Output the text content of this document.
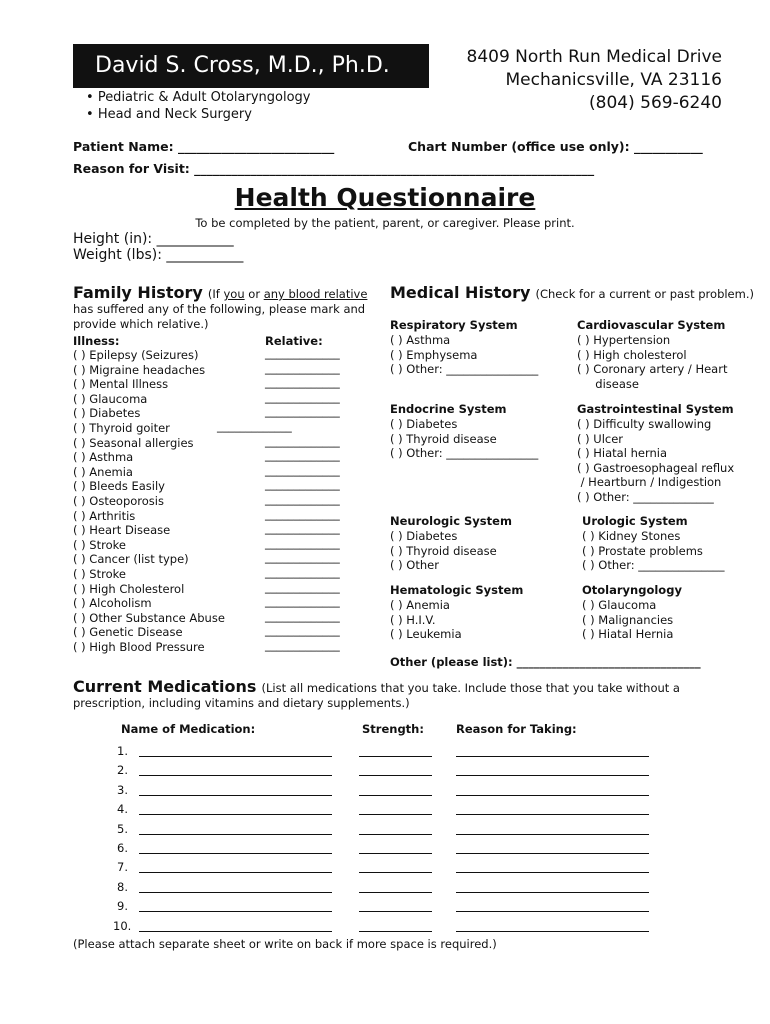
David S. Cross, M.D., Ph.D.
• Pediatric & Adult Otolaryngology
• Head and Neck Surgery
8409 North Run Medical Drive
Mechanicsville, VA 23116
(804) 569-6240
Patient Name: _________________________	Chart Number (office use only): ___________
Reason for Visit: ________________________________________________________________
Health Questionnaire
To be completed by the patient, parent, or caregiver. Please print.
Height (in): ___________
Weight (lbs): ___________
Family History (If you or any blood relative
has suffered any of the following, please mark and
provide which relative.)
Illness:	Relative:
( ) Epilepsy (Seizures)	_____________
( ) Migraine headaches	_____________
( ) Mental Illness	_____________
( ) Glaucoma	_____________
( ) Diabetes	_____________
( ) Thyroid goiter	_____________
( ) Seasonal allergies	_____________
( ) Asthma	_____________
( ) Anemia	_____________
( ) Bleeds Easily	_____________
( ) Osteoporosis	_____________
( ) Arthritis	_____________
( ) Heart Disease	_____________
( ) Stroke	_____________
( ) Cancer (list type)	_____________
( ) Stroke	_____________
( ) High Cholesterol	_____________
( ) Alcoholism	_____________
( ) Other Substance Abuse	_____________
( ) Genetic Disease	_____________
( ) High Blood Pressure	_____________
Medical History (Check for a current or past problem.)
Respiratory System
( ) Asthma
( ) Emphysema
( ) Other: ________________
Cardiovascular System
( ) Hypertension
( ) High cholesterol
( ) Coronary artery / Heart
disease
Endocrine System
( ) Diabetes
( ) Thyroid disease
( ) Other: ________________
Gastrointestinal System
( ) Difficulty swallowing
( ) Ulcer
( ) Hiatal hernia
( ) Gastroesophageal reflux
/ Heartburn / Indigestion
( ) Other: ______________
Neurologic System
( ) Diabetes
( ) Thyroid disease
( ) Other
Urologic System
( ) Kidney Stones
( ) Prostate problems
( ) Other: _______________
Hematologic System
( ) Anemia
( ) H.I.V.
( ) Leukemia
Otolaryngology
( ) Glaucoma
( ) Malignancies
( ) Hiatal Hernia
Other (please list): ________________________________
Current Medications (List all medications that you take. Include those that you take without a
prescription, including vitamins and dietary supplements.)
Name of Medication:	Strength:	Reason for Taking:
1.
2.
3.
4.
5.
6.
7.
8.
9.
10.
(Please attach separate sheet or write on back if more space is required.)
